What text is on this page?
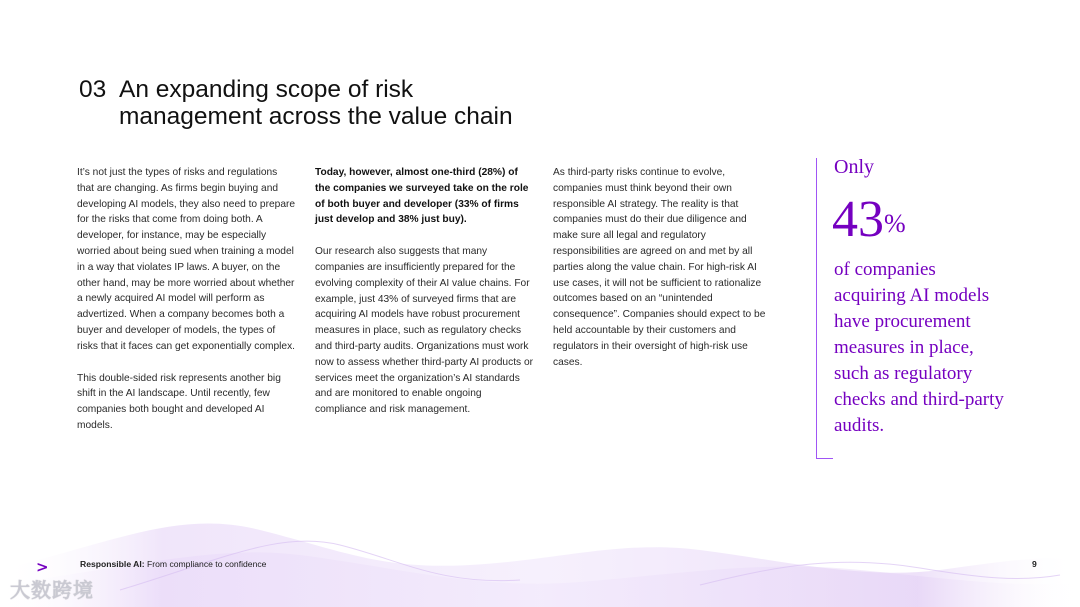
03 An expanding scope of risk
management across the value chain

It’s not just the types of risks and regulations that are changing. As firms begin buying and developing AI models, they also need to prepare for the risks that come from doing both. A developer, for instance, may be especially worried about being sued when training a model in a way that violates IP laws. A buyer, on the other hand, may be more worried about whether a newly acquired AI model will perform as advertized. When a company becomes both a buyer and developer of models, the types of risks that it faces can get exponentially complex.

This double-sided risk represents another big shift in the AI landscape. Until recently, few companies both bought and developed AI models.

Today, however, almost one-third (28%) of the companies we surveyed take on the role of both buyer and developer (33% of firms just develop and 38% just buy).

Our research also suggests that many companies are insufficiently prepared for the evolving complexity of their AI value chains. For example, just 43% of surveyed firms that are acquiring AI models have robust procurement measures in place, such as regulatory checks and third-party audits. Organizations must work now to assess whether third-party AI products or services meet the organization’s AI standards and are monitored to enable ongoing compliance and risk management.

As third-party risks continue to evolve, companies must think beyond their own responsible AI strategy. The reality is that companies must do their due diligence and make sure all legal and regulatory responsibilities are agreed on and met by all parties along the value chain. For high-risk AI use cases, it will not be sufficient to rationalize outcomes based on an “unintended consequence”. Companies should expect to be held accountable by their customers and regulators in their oversight of high-risk use cases.

Only
43%
of companies acquiring AI models have procurement measures in place, such as regulatory checks and third-party audits.
>	Responsible AI: From compliance to confidence	9
大数跨境
